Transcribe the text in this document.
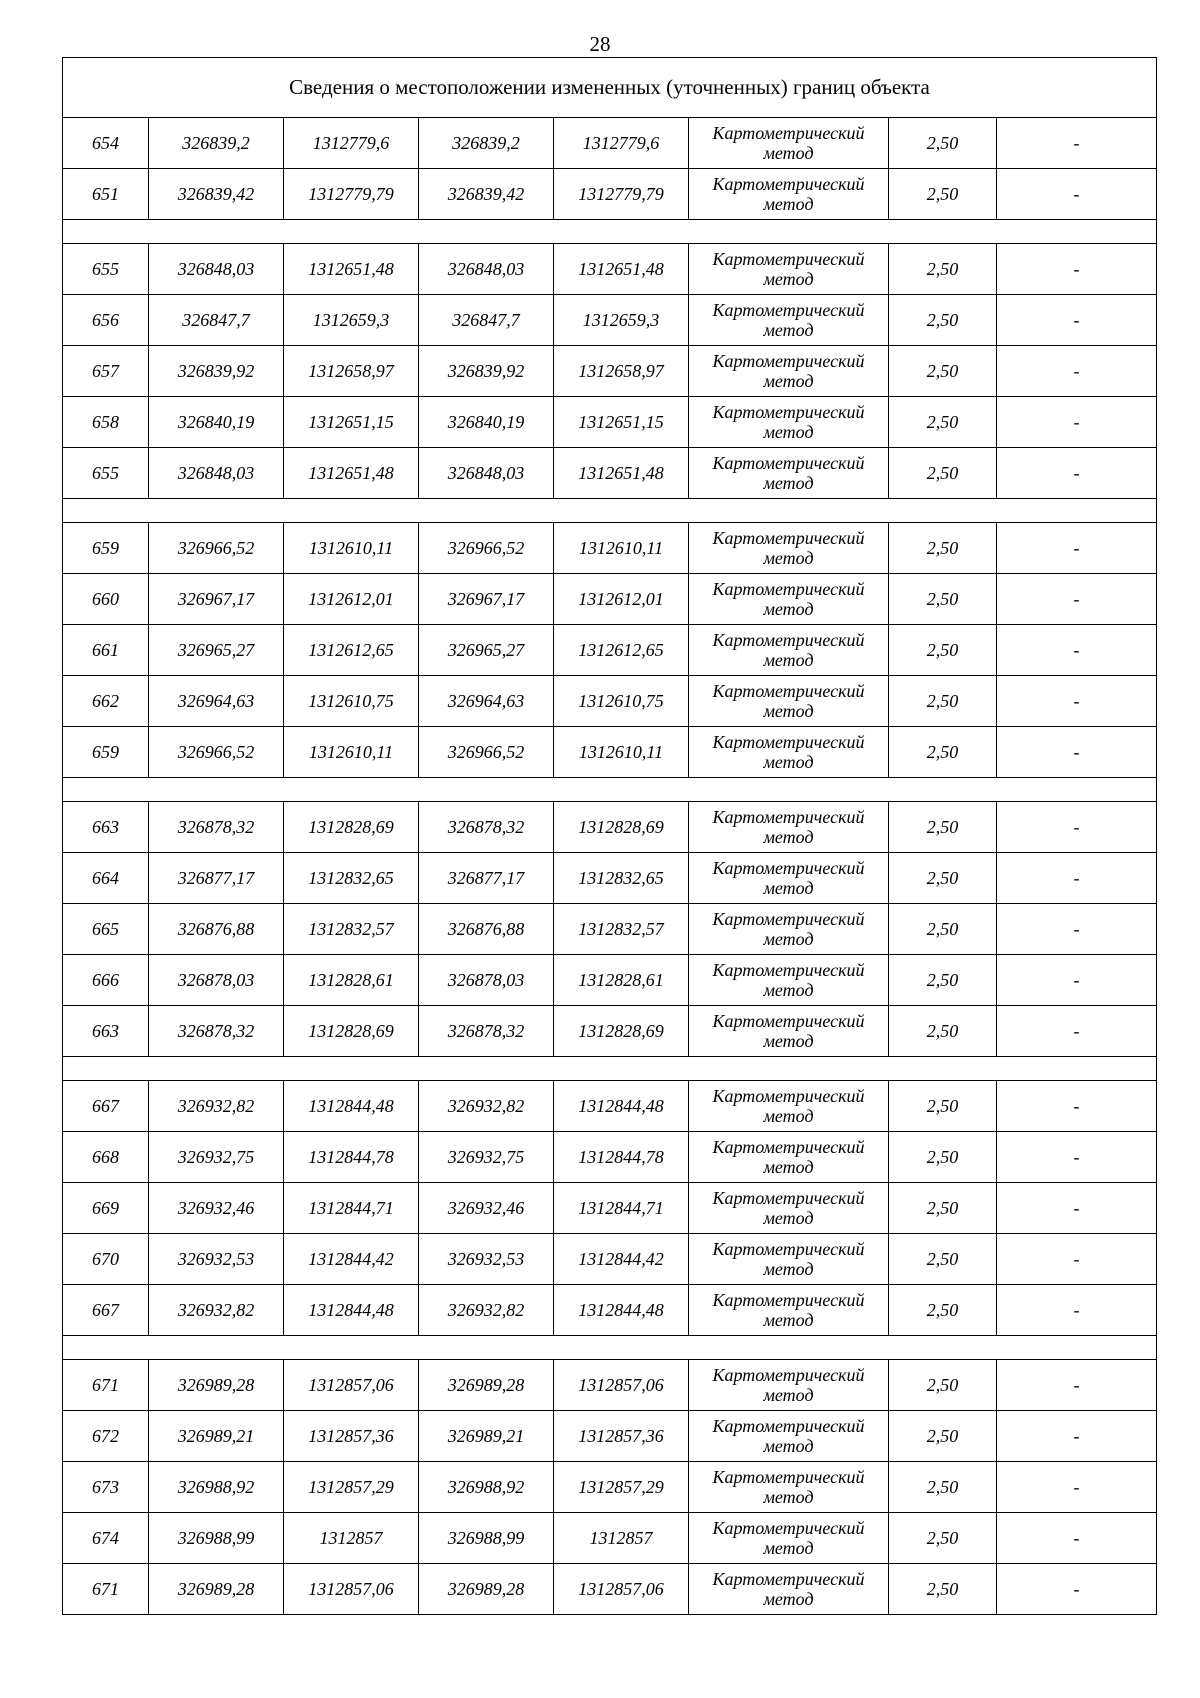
28
Сведения о местоположении измененных (уточненных) границ объекта							
654	326839,2	1312779,6	326839,2	1312779,6	Картометрический метод	2,50	-
651	326839,42	1312779,79	326839,42	1312779,79	Картометрический метод	2,50	-

655	326848,03	1312651,48	326848,03	1312651,48	Картометрический метод	2,50	-
656	326847,7	1312659,3	326847,7	1312659,3	Картометрический метод	2,50	-
657	326839,92	1312658,97	326839,92	1312658,97	Картометрический метод	2,50	-
658	326840,19	1312651,15	326840,19	1312651,15	Картометрический метод	2,50	-
655	326848,03	1312651,48	326848,03	1312651,48	Картометрический метод	2,50	-

659	326966,52	1312610,11	326966,52	1312610,11	Картометрический метод	2,50	-
660	326967,17	1312612,01	326967,17	1312612,01	Картометрический метод	2,50	-
661	326965,27	1312612,65	326965,27	1312612,65	Картометрический метод	2,50	-
662	326964,63	1312610,75	326964,63	1312610,75	Картометрический метод	2,50	-
659	326966,52	1312610,11	326966,52	1312610,11	Картометрический метод	2,50	-

663	326878,32	1312828,69	326878,32	1312828,69	Картометрический метод	2,50	-
664	326877,17	1312832,65	326877,17	1312832,65	Картометрический метод	2,50	-
665	326876,88	1312832,57	326876,88	1312832,57	Картометрический метод	2,50	-
666	326878,03	1312828,61	326878,03	1312828,61	Картометрический метод	2,50	-
663	326878,32	1312828,69	326878,32	1312828,69	Картометрический метод	2,50	-

667	326932,82	1312844,48	326932,82	1312844,48	Картометрический метод	2,50	-
668	326932,75	1312844,78	326932,75	1312844,78	Картометрический метод	2,50	-
669	326932,46	1312844,71	326932,46	1312844,71	Картометрический метод	2,50	-
670	326932,53	1312844,42	326932,53	1312844,42	Картометрический метод	2,50	-
667	326932,82	1312844,48	326932,82	1312844,48	Картометрический метод	2,50	-

671	326989,28	1312857,06	326989,28	1312857,06	Картометрический метод	2,50	-
672	326989,21	1312857,36	326989,21	1312857,36	Картометрический метод	2,50	-
673	326988,92	1312857,29	326988,92	1312857,29	Картометрический метод	2,50	-
674	326988,99	1312857	326988,99	1312857	Картометрический метод	2,50	-
671	326989,28	1312857,06	326989,28	1312857,06	Картометрический метод	2,50	-
